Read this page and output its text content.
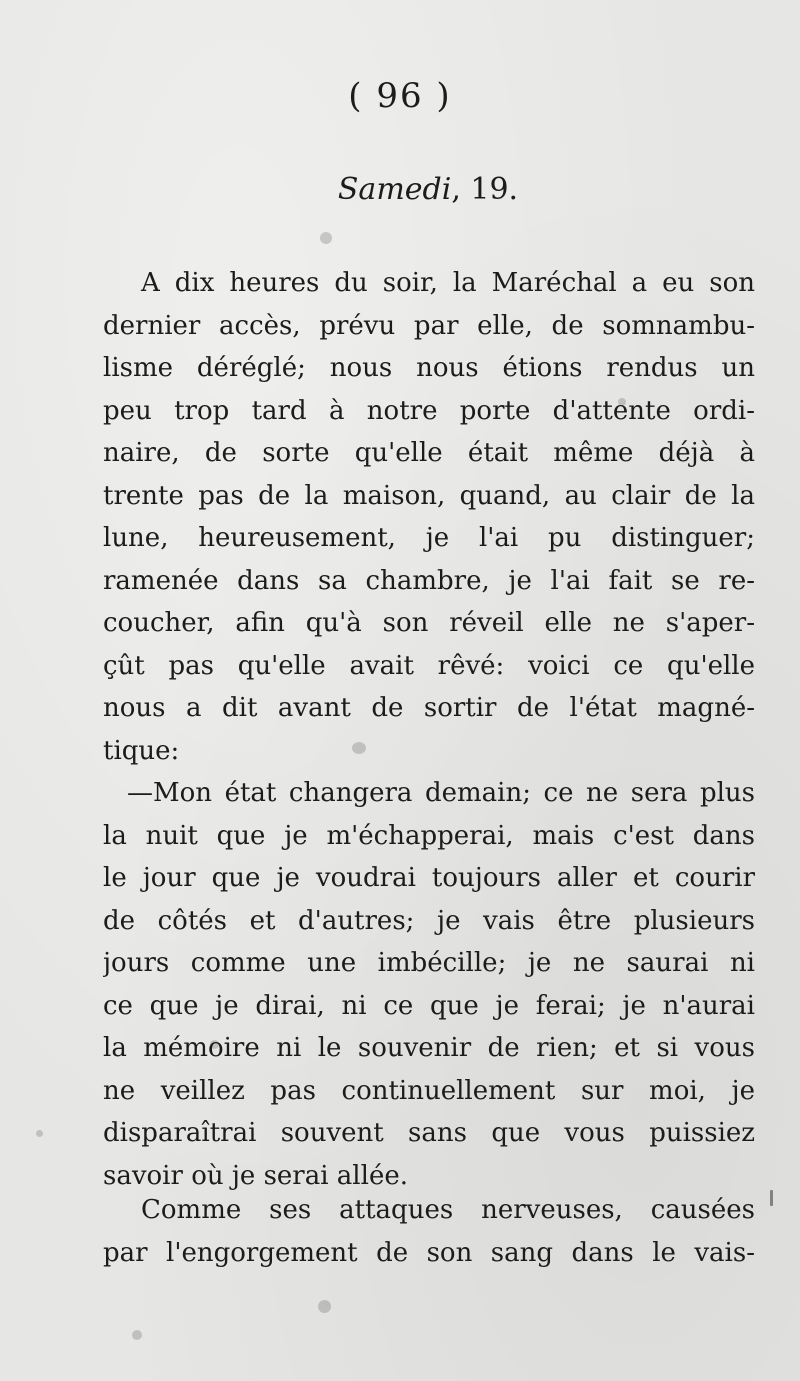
( 96 )
Samedi, 19.
A dix heures du soir, la Maréchal a eu son
dernier accès, prévu par elle, de somnambu-
lisme déréglé; nous nous étions rendus un
peu trop tard à notre porte d'attente ordi-
naire, de sorte qu'elle était même déjà à
trente pas de la maison, quand, au clair de la
lune, heureusement, je l'ai pu distinguer;
ramenée dans sa chambre, je l'ai fait se re-
coucher, afin qu'à son réveil elle ne s'aper-
çût pas qu'elle avait rêvé: voici ce qu'elle
nous a dit avant de sortir de l'état magné-
tique:
—Mon état changera demain; ce ne sera plus
la nuit que je m'échapperai, mais c'est dans
le jour que je voudrai toujours aller et courir
de côtés et d'autres; je vais être plusieurs
jours comme une imbécille; je ne saurai ni
ce que je dirai, ni ce que je ferai; je n'aurai
la mémoire ni le souvenir de rien; et si vous
ne veillez pas continuellement sur moi, je
disparaîtrai souvent sans que vous puissiez
savoir où je serai allée.
Comme ses attaques nerveuses, causées
par l'engorgement de son sang dans le vais-
